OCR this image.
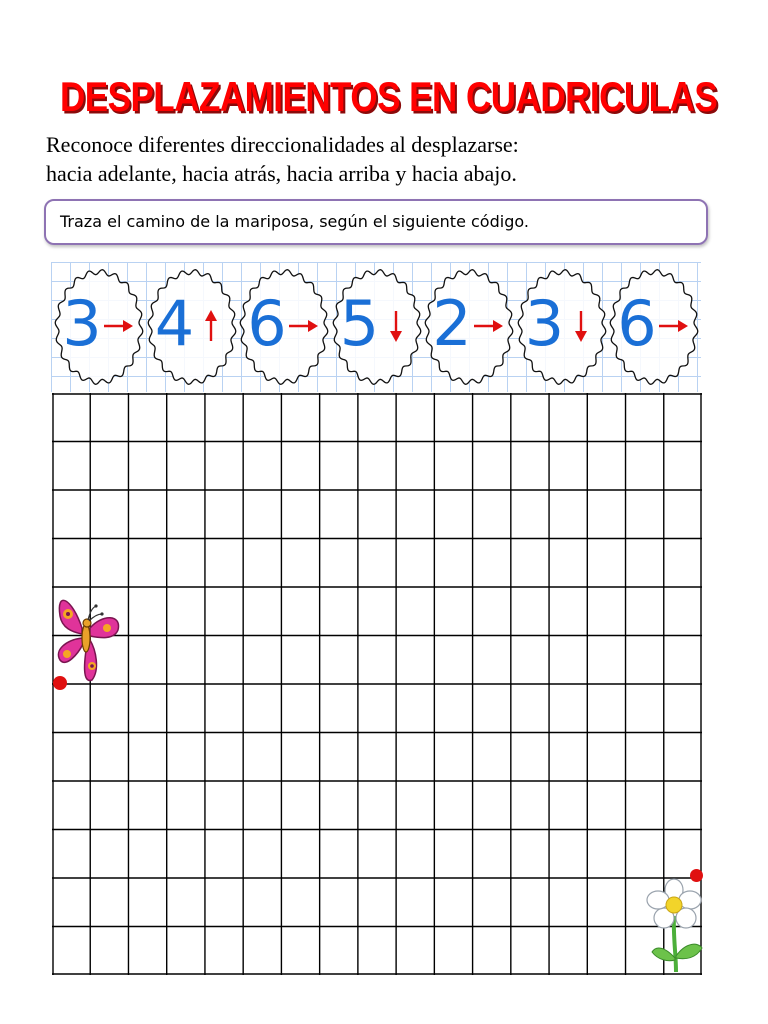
DESPLAZAMIENTOS EN CUADRICULAS
Reconoce diferentes direccionalidades al desplazarse:
hacia adelante, hacia atrás, hacia arriba y hacia abajo.
Traza el camino de la mariposa, según el siguiente código.
3 4 6 5 2 3 6
